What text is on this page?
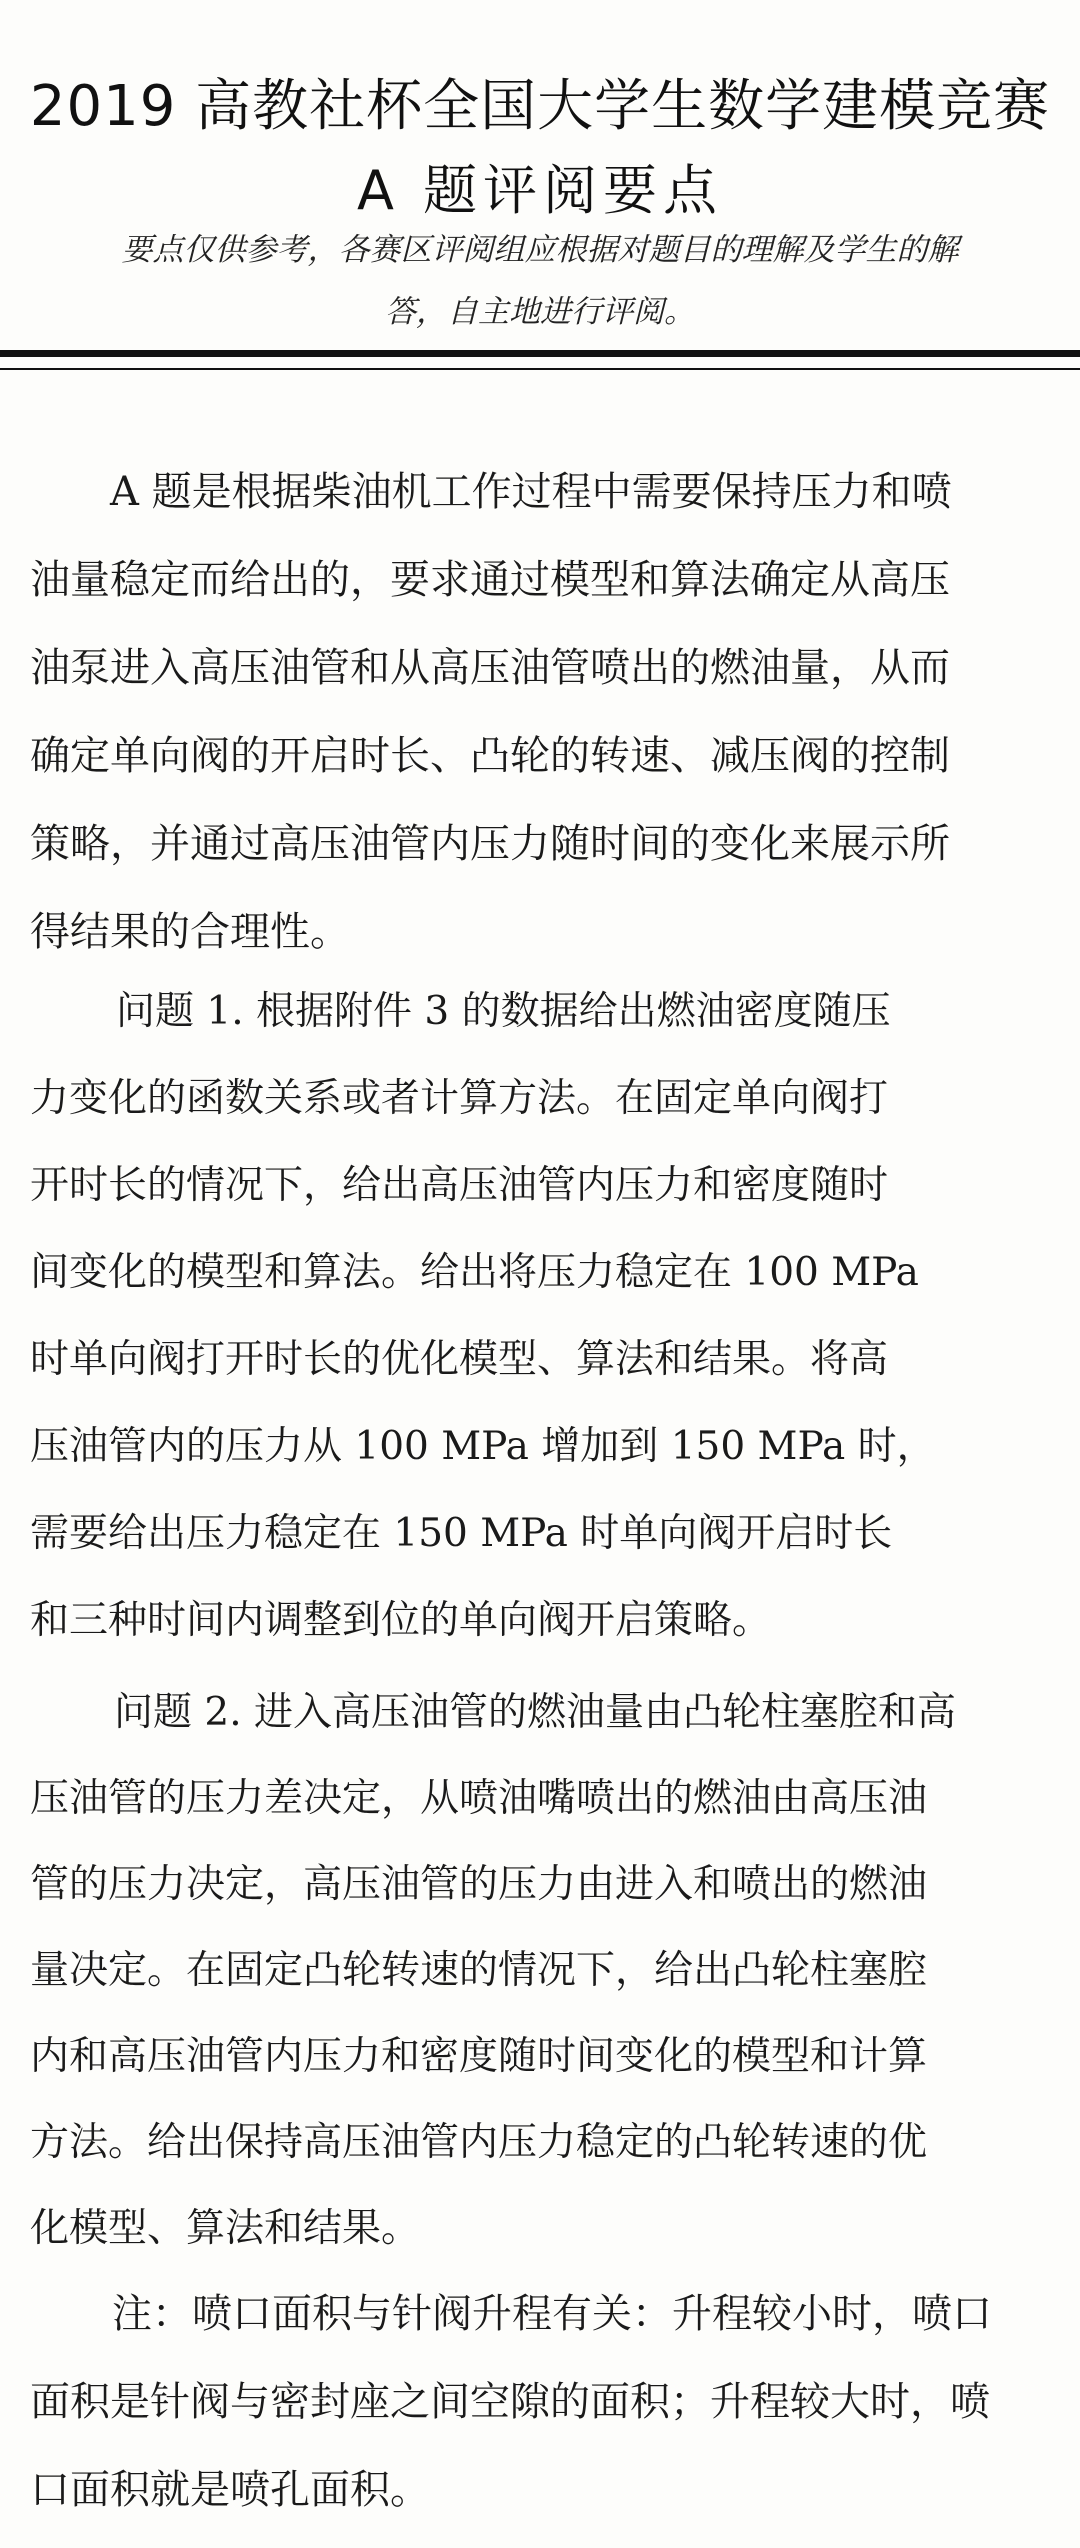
2019 高教社杯全国大学生数学建模竞赛
A 题评阅要点
要点仅供参考，各赛区评阅组应根据对题目的理解及学生的解
答，自主地进行评阅。
A 题是根据柴油机工作过程中需要保持压力和喷
油量稳定而给出的，要求通过模型和算法确定从高压
油泵进入高压油管和从高压油管喷出的燃油量，从而
确定单向阀的开启时长、凸轮的转速、减压阀的控制
策略，并通过高压油管内压力随时间的变化来展示所
得结果的合理性。
问题 1. 根据附件 3 的数据给出燃油密度随压
力变化的函数关系或者计算方法。在固定单向阀打
开时长的情况下，给出高压油管内压力和密度随时
间变化的模型和算法。给出将压力稳定在 100 MPa
时单向阀打开时长的优化模型、算法和结果。将高
压油管内的压力从 100 MPa 增加到 150 MPa 时，
需要给出压力稳定在 150 MPa 时单向阀开启时长
和三种时间内调整到位的单向阀开启策略。
问题 2. 进入高压油管的燃油量由凸轮柱塞腔和高
压油管的压力差决定，从喷油嘴喷出的燃油由高压油
管的压力决定，高压油管的压力由进入和喷出的燃油
量决定。在固定凸轮转速的情况下，给出凸轮柱塞腔
内和高压油管内压力和密度随时间变化的模型和计算
方法。给出保持高压油管内压力稳定的凸轮转速的优
化模型、算法和结果。
注：喷口面积与针阀升程有关：升程较小时，喷口
面积是针阀与密封座之间空隙的面积；升程较大时，喷
口面积就是喷孔面积。
